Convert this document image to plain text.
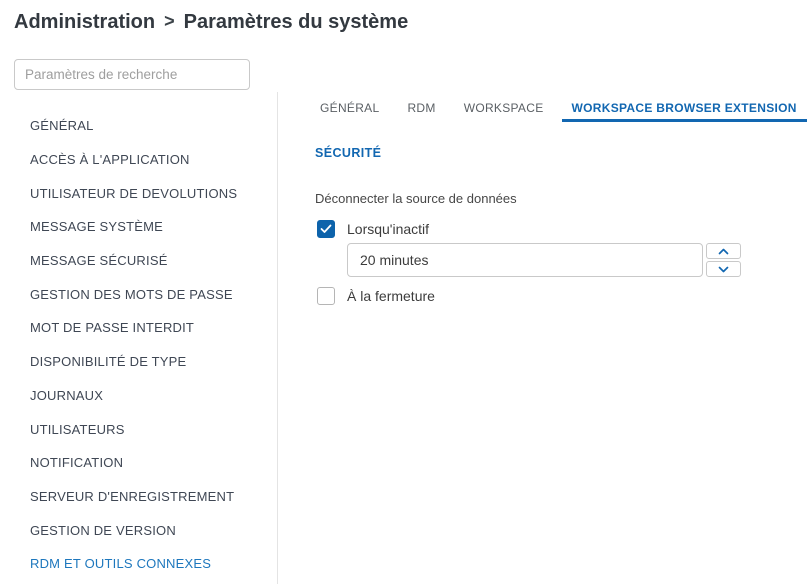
Administration > Paramètres du système
Paramètres de recherche
GÉNÉRAL
ACCÈS À L'APPLICATION
UTILISATEUR DE DEVOLUTIONS
MESSAGE SYSTÈME
MESSAGE SÉCURISÉ
GESTION DES MOTS DE PASSE
MOT DE PASSE INTERDIT
DISPONIBILITÉ DE TYPE
JOURNAUX
UTILISATEURS
NOTIFICATION
SERVEUR D'ENREGISTREMENT
GESTION DE VERSION
RDM ET OUTILS CONNEXES
GÉNÉRAL	RDM	WORKSPACE	WORKSPACE BROWSER EXTENSION
SÉCURITÉ
Déconnecter la source de données
Lorsqu'inactif
20 minutes
À la fermeture
